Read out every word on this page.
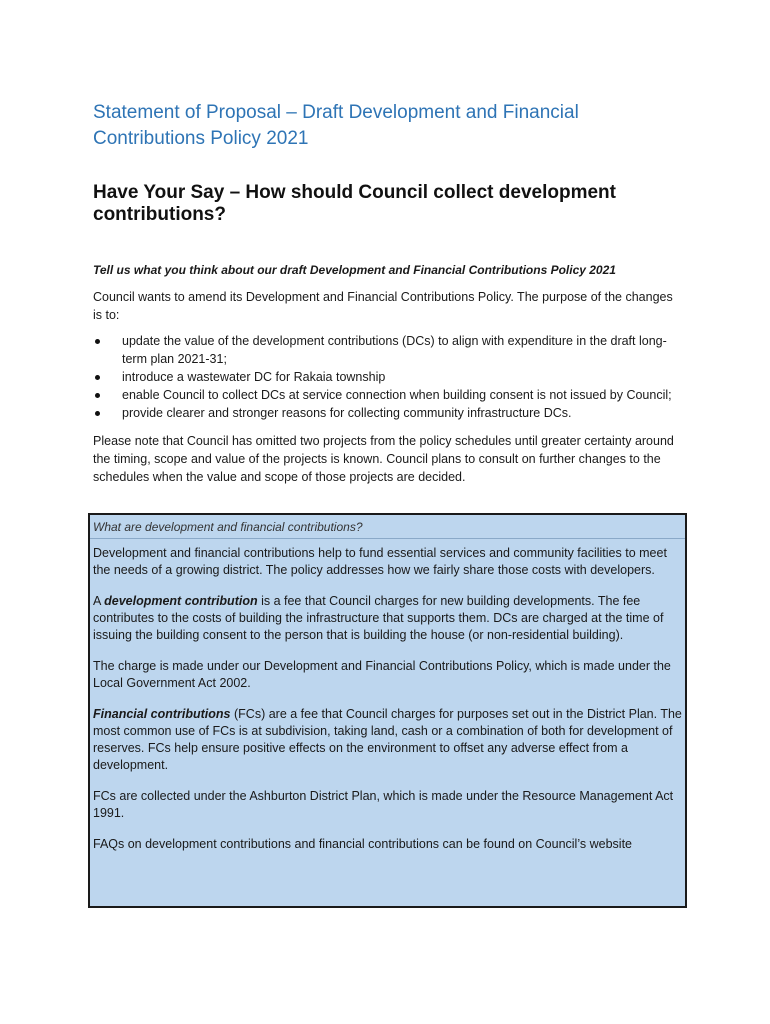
Statement of Proposal – Draft Development and Financial
Contributions Policy 2021
Have Your Say – How should Council collect development contributions?

Tell us what you think about our draft Development and Financial Contributions Policy 2021

Council wants to amend its Development and Financial Contributions Policy. The purpose of the changes is to:

update the value of the development contributions (DCs) to align with expenditure in the draft long-term plan 2021-31;
introduce a wastewater DC for Rakaia township
enable Council to collect DCs at service connection when building consent is not issued by Council;
provide clearer and stronger reasons for collecting community infrastructure DCs.

Please note that Council has omitted two projects from the policy schedules until greater certainty around the timing, scope and value of the projects is known. Council plans to consult on further changes to the schedules when the value and scope of those projects are decided.

What are development and financial contributions?

Development and financial contributions help to fund essential services and community facilities to meet the needs of a growing district. The policy addresses how we fairly share those costs with developers.

A development contribution is a fee that Council charges for new building developments. The fee contributes to the costs of building the infrastructure that supports them. DCs are charged at the time of issuing the building consent to the person that is building the house (or non-residential building).

The charge is made under our Development and Financial Contributions Policy, which is made under the Local Government Act 2002.

Financial contributions (FCs) are a fee that Council charges for purposes set out in the District Plan. The most common use of FCs is at subdivision, taking land, cash or a combination of both for development of reserves. FCs help ensure positive effects on the environment to offset any adverse effect from a development.

FCs are collected under the Ashburton District Plan, which is made under the Resource Management Act 1991.

FAQs on development contributions and financial contributions can be found on Council’s website
